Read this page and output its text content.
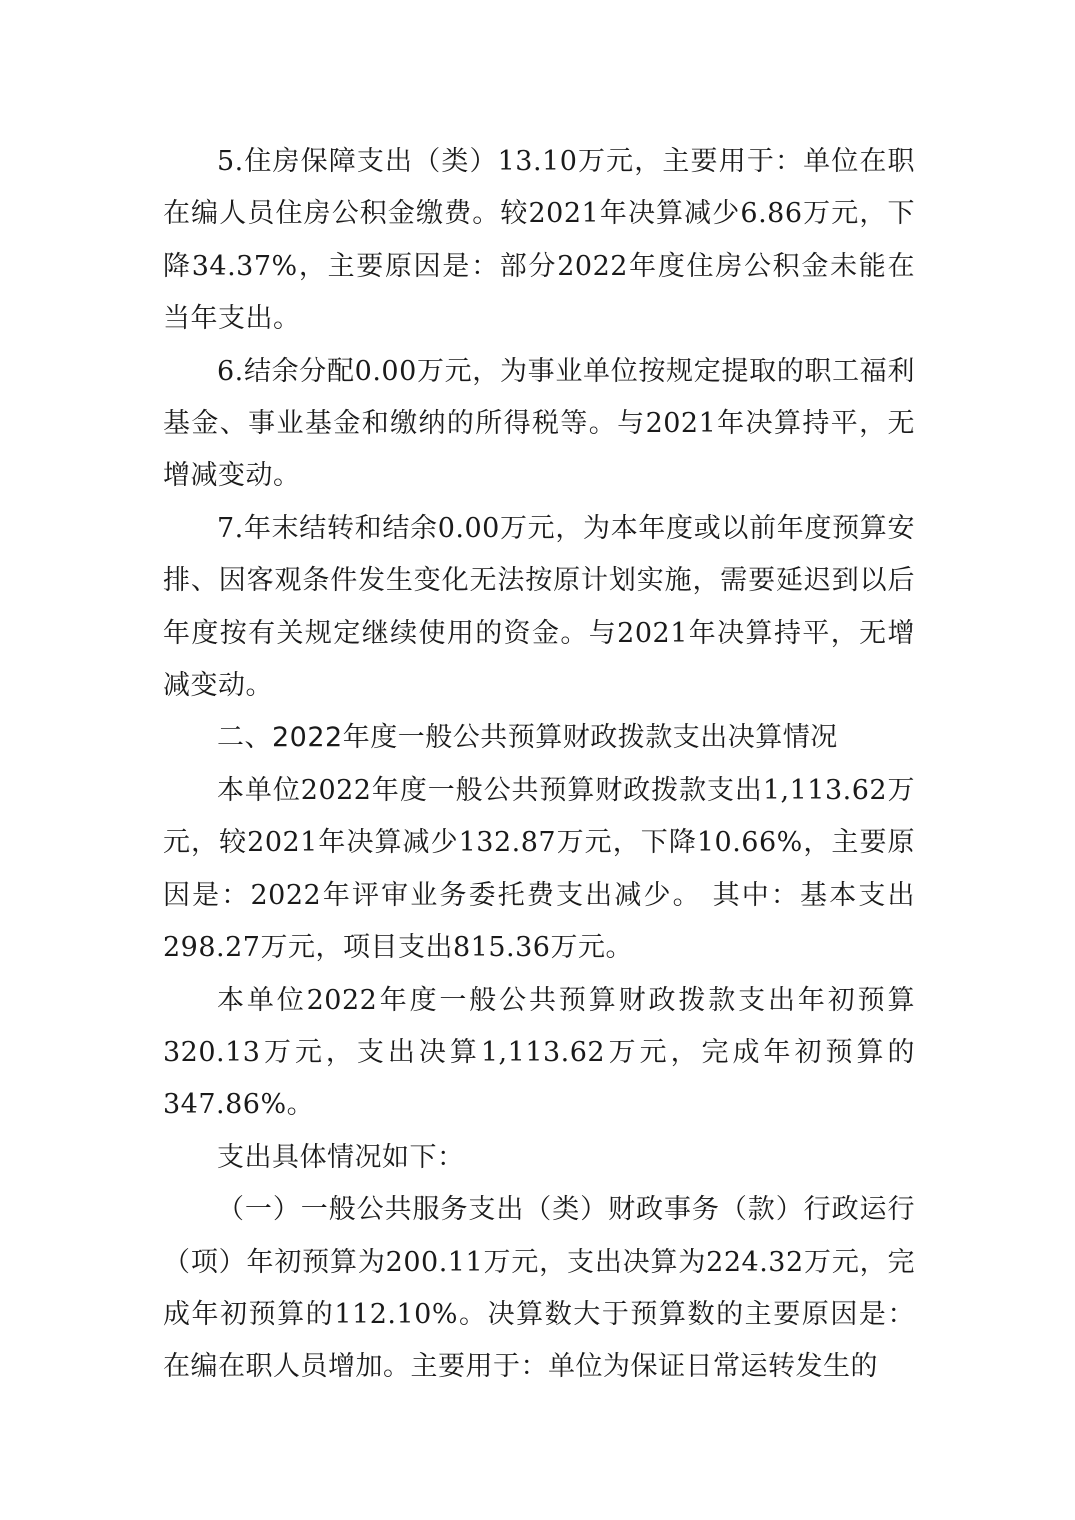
5.住房保障支出（类）13.10万元，主要用于：单位在职在编人员住房公积金缴费。较2021年决算减少6.86万元，下降34.37%，主要原因是：部分2022年度住房公积金未能在当年支出。

6.结余分配0.00万元，为事业单位按规定提取的职工福利基金、事业基金和缴纳的所得税等。与2021年决算持平，无增减变动。

7.年末结转和结余0.00万元，为本年度或以前年度预算安排、因客观条件发生变化无法按原计划实施，需要延迟到以后年度按有关规定继续使用的资金。与2021年决算持平，无增减变动。

二、2022年度一般公共预算财政拨款支出决算情况

本单位2022年度一般公共预算财政拨款支出1,113.62万元，较2021年决算减少132.87万元，下降10.66%，主要原因是：2022年评审业务委托费支出减少。 其中：基本支出298.27万元，项目支出815.36万元。

本单位2022年度一般公共预算财政拨款支出年初预算320.13万元，支出决算1,113.62万元，完成年初预算的347.86%。

支出具体情况如下：

（一）一般公共服务支出（类）财政事务（款）行政运行（项）年初预算为200.11万元，支出决算为224.32万元，完成年初预算的112.10%。决算数大于预算数的主要原因是：在编在职人员增加。主要用于：单位为保证日常运转发生的
